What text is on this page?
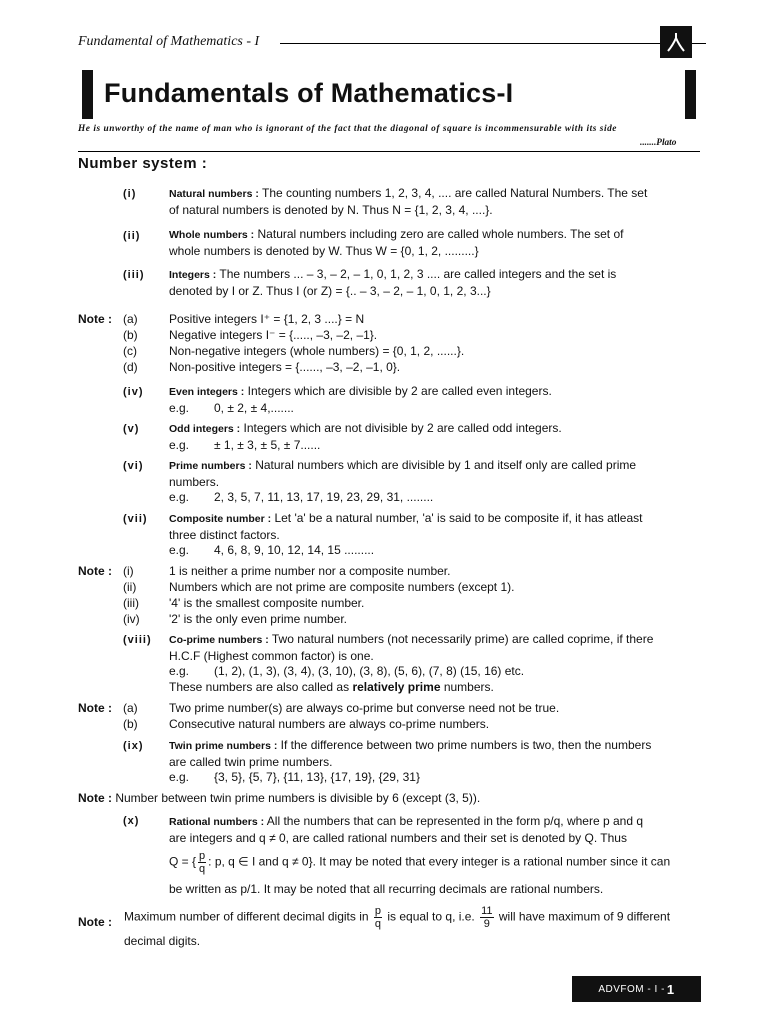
Fundamental of Mathematics - I
Fundamentals of Mathematics-I
He is unworthy of the name of man who is ignorant of the fact that the diagonal of square is incommensurable with its side
.......Plato
Number system :
(i)	Natural numbers : The counting numbers 1, 2, 3, 4, .... are called Natural Numbers. The set
of natural numbers is denoted by N. Thus N = {1, 2, 3, 4, ....}.
(ii)	Whole numbers : Natural numbers including zero are called whole numbers. The set of
whole numbers is denoted by W. Thus W = {0, 1, 2, .........}
(iii) Integers : The numbers ... – 3, – 2, – 1, 0, 1, 2, 3 .... are called integers and the set is
denoted by I or Z. Thus I (or Z) = {.. – 3, – 2, – 1, 0, 1, 2, 3...}
Note : (a)	Positive integers I⁺ = {1, 2, 3 ....} = N
(b)	Negative integers I⁻ = {....., –3, –2, –1}.
(c)	Non-negative integers (whole numbers) = {0, 1, 2, ......}.
(d)	Non-positive integers = {......, –3, –2, –1, 0}.
(iv) Even integers : Integers which are divisible by 2 are called even integers.
e.g. 0, ± 2, ± 4,.......
(v)	Odd integers : Integers which are not divisible by 2 are called odd integers.
e.g. ± 1, ± 3, ± 5, ± 7......
(vi) Prime numbers : Natural numbers which are divisible by 1 and itself only are called prime
numbers.
e.g. 2, 3, 5, 7, 11, 13, 17, 19, 23, 29, 31, ........
(vii) Composite number : Let 'a' be a natural number, 'a' is said to be composite if, it has atleast
three distinct factors.
e.g. 4, 6, 8, 9, 10, 12, 14, 15 .........
Note : (i)	1 is neither a prime number nor a composite number.
(ii)	Numbers which are not prime are composite numbers (except 1).
(iii)	'4' is the smallest composite number.
(iv) '2' is the only even prime number.
(viii) Co-prime numbers : Two natural numbers (not necessarily prime) are called coprime, if there
H.C.F (Highest common factor) is one.
e.g. (1, 2), (1, 3), (3, 4), (3, 10), (3, 8), (5, 6), (7, 8) (15, 16) etc.
These numbers are also called as relatively prime numbers.
Note : (a)	Two prime number(s) are always co-prime but converse need not be true.
(b)	Consecutive natural numbers are always co-prime numbers.
(ix) Twin prime numbers : If the difference between two prime numbers is two, then the numbers
are called twin prime numbers.
e.g. {3, 5}, {5, 7}, {11, 13}, {17, 19}, {29, 31}
Note : Number between twin prime numbers is divisible by 6 (except (3, 5)).
(x)	Rational numbers : All the numbers that can be represented in the form p/q, where p and q
are integers and q ≠ 0, are called rational numbers and their set is denoted by Q. Thus
Q = { $\frac{p}{q}$ : p, q ∈ I and q ≠ 0}. It may be noted that every integer is a rational number since it can
be written as p/1. It may be noted that all recurring decimals are rational numbers.
Note : Maximum number of different decimal digits in $\frac{p}{q}$ is equal to q, i.e. $\frac{11}{9}$ will have maximum of 9 different
decimal digits.
ADVFOM - I - 1
